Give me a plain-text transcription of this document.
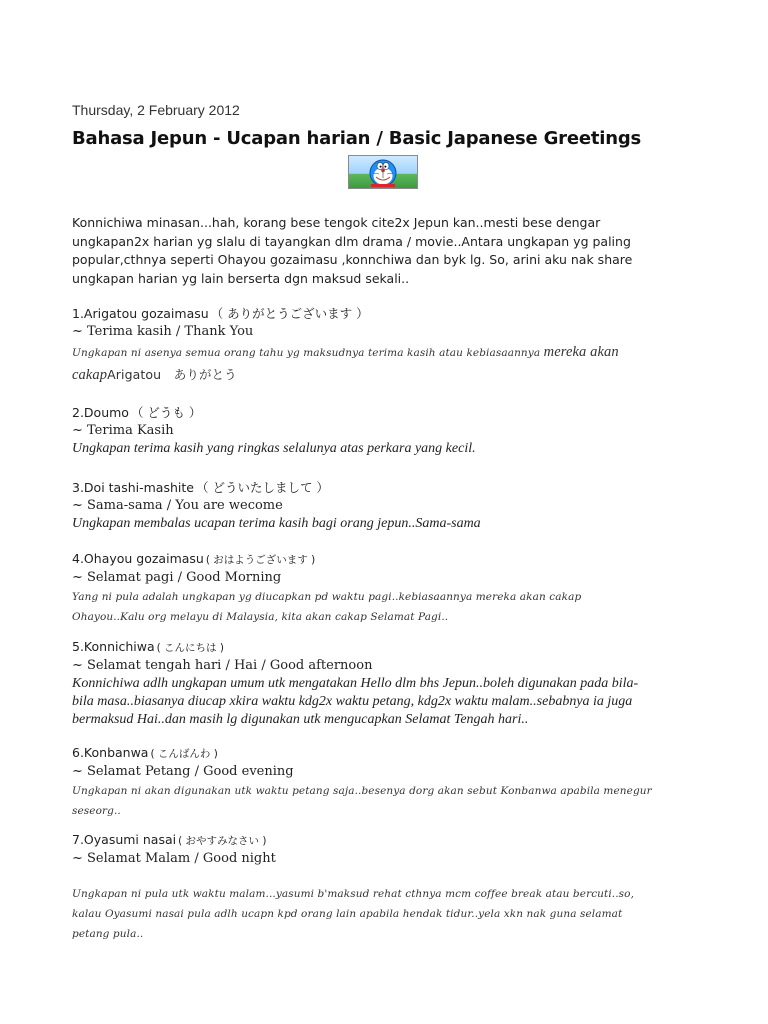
Thursday, 2 February 2012
Bahasa Jepun - Ucapan harian / Basic Japanese Greetings
Konnichiwa minasan...hah, korang bese tengok cite2x Jepun kan..mesti bese dengar ungkapan2x harian yg slalu di tayangkan dlm drama / movie..Antara ungkapan yg paling popular,cthnya seperti Ohayou gozaimasu ,konnchiwa dan byk lg. So, arini aku nak share ungkapan harian yg lain berserta dgn maksud sekali..
1.Arigatou gozaimasu （ ありがとうございます ）
~ Terima kasih / Thank You
Ungkapan ni asenya semua orang tahu yg maksudnya terima kasih atau kebiasaannya mereka akan
cakapArigatou　ありがとう
2.Doumo （ どうも ）
~ Terima Kasih
Ungkapan terima kasih yang ringkas selalunya atas perkara yang kecil.
3.Doi tashi-mashite （ どういたしまして ）
~ Sama-sama / You are wecome
Ungkapan membalas ucapan terima kasih bagi orang jepun..Sama-sama
4.Ohayou gozaimasu ( おはようございます )
~ Selamat pagi / Good Morning
Yang ni pula adalah ungkapan yg diucapkan pd waktu pagi..kebiasaannya mereka akan cakap
Ohayou..Kalu org melayu di Malaysia, kita akan cakap Selamat Pagi..
5.Konnichiwa ( こんにちは )
~ Selamat tengah hari / Hai / Good afternoon
Konnichiwa adlh ungkapan umum utk mengatakan Hello dlm bhs Jepun..boleh digunakan pada bila-
bila masa..biasanya diucap xkira waktu kdg2x waktu petang, kdg2x waktu malam..sebabnya ia juga
bermaksud Hai..dan masih lg digunakan utk mengucapkan Selamat Tengah hari..
6.Konbanwa ( こんばんわ )
~ Selamat Petang / Good evening
Ungkapan ni akan digunakan utk waktu petang saja..besenya dorg akan sebut Konbanwa apabila menegur
seseorg..
7.Oyasumi nasai ( おやすみなさい )
~ Selamat Malam / Good night
Ungkapan ni pula utk waktu malam...yasumi b'maksud rehat cthnya mcm coffee break atau bercuti..so,
kalau Oyasumi nasai pula adlh ucapn kpd orang lain apabila hendak tidur..yela xkn nak guna selamat
petang pula..
